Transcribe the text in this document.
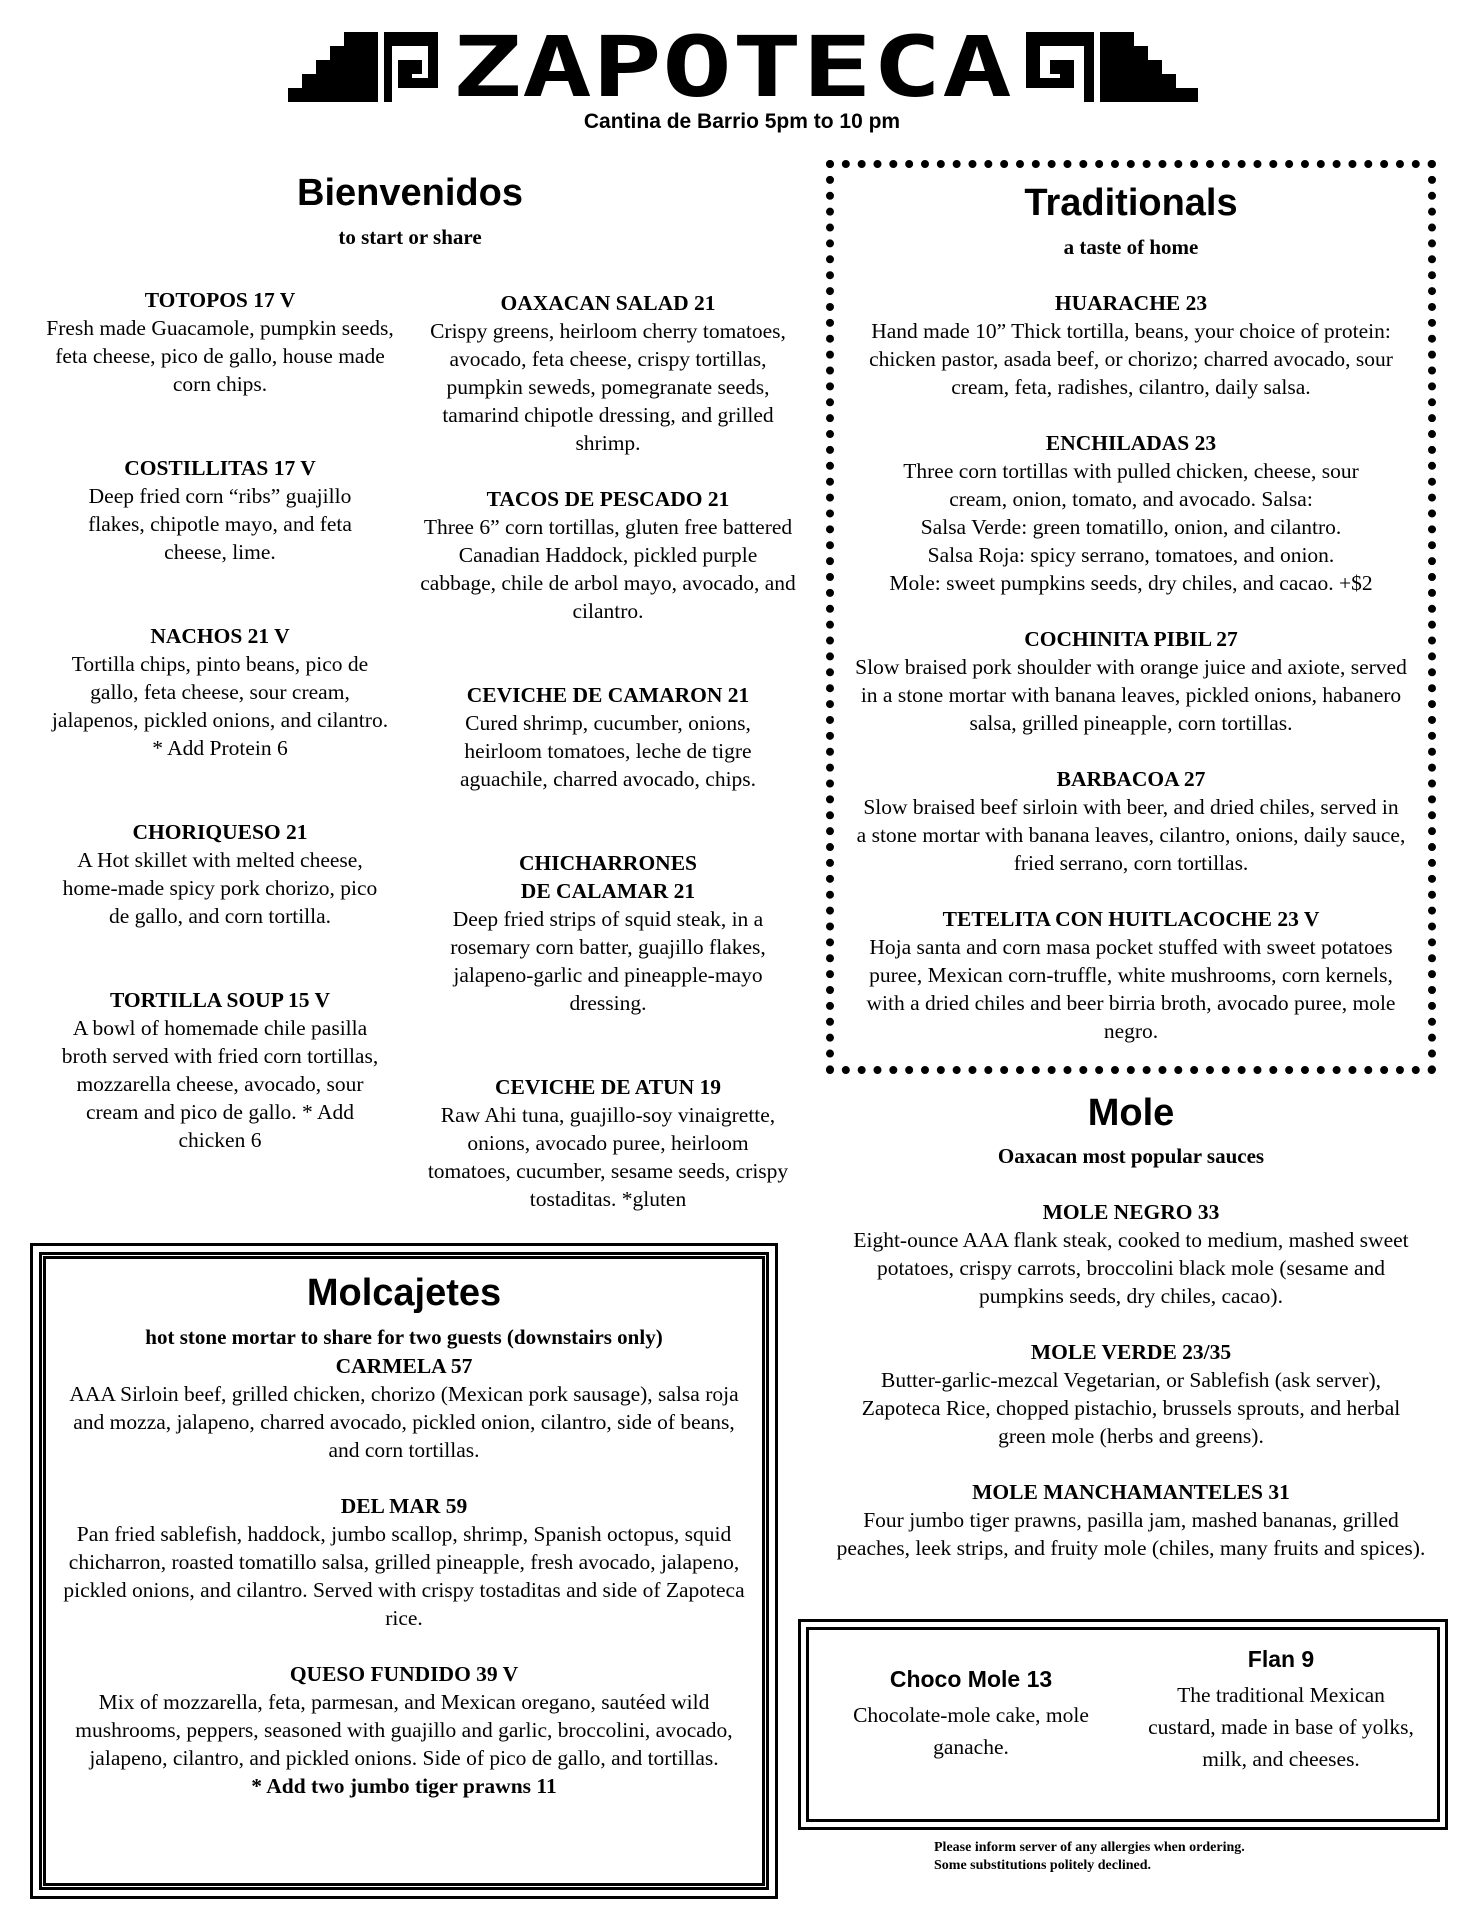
ZAPOTECA
Cantina de Barrio 5pm to 10 pm
Bienvenidos
to start or share
TOTOPOS 17 V
Fresh made Guacamole, pumpkin seeds, feta cheese, pico de gallo, house made corn chips.
COSTILLITAS 17 V
Deep fried corn “ribs” guajillo flakes, chipotle mayo, and feta cheese, lime.
NACHOS 21 V
Tortilla chips, pinto beans, pico de gallo, feta cheese, sour cream, jalapenos, pickled onions, and cilantro. * Add Protein 6
CHORIQUESO 21
A Hot skillet with melted cheese, home-made spicy pork chorizo, pico de gallo, and corn tortilla.
TORTILLA SOUP 15 V
A bowl of homemade chile pasilla broth served with fried corn tortillas, mozzarella cheese, avocado, sour cream and pico de gallo. * Add chicken 6
OAXACAN SALAD 21
Crispy greens, heirloom cherry tomatoes, avocado, feta cheese, crispy tortillas, pumpkin seweds, pomegranate seeds, tamarind chipotle dressing, and grilled shrimp.
TACOS DE PESCADO 21
Three 6” corn tortillas, gluten free battered Canadian Haddock, pickled purple cabbage, chile de arbol mayo, avocado, and cilantro.
CEVICHE DE CAMARON 21
Cured shrimp, cucumber, onions, heirloom tomatoes, leche de tigre aguachile, charred avocado, chips.
CHICHARRONES DE CALAMAR 21
Deep fried strips of squid steak, in a rosemary corn batter, guajillo flakes, jalapeno-garlic and pineapple-mayo dressing.
CEVICHE DE ATUN 19
Raw Ahi tuna, guajillo-soy vinaigrette, onions, avocado puree, heirloom tomatoes, cucumber, sesame seeds, crispy tostaditas. *gluten
Traditionals
a taste of home
HUARACHE 23
Hand made 10” Thick tortilla, beans, your choice of protein: chicken pastor, asada beef, or chorizo; charred avocado, sour cream, feta, radishes, cilantro, daily salsa.
ENCHILADAS 23
Three corn tortillas with pulled chicken, cheese, sour cream, onion, tomato, and avocado. Salsa:
Salsa Verde: green tomatillo, onion, and cilantro.
Salsa Roja: spicy serrano, tomatoes, and onion.
Mole: sweet pumpkins seeds, dry chiles, and cacao. +$2
COCHINITA PIBIL 27
Slow braised pork shoulder with orange juice and axiote, served in a stone mortar with banana leaves, pickled onions, habanero salsa, grilled pineapple, corn tortillas.
BARBACOA 27
Slow braised beef sirloin with beer, and dried chiles, served in a stone mortar with banana leaves, cilantro, onions, daily sauce, fried serrano, corn tortillas.
TETELITA CON HUITLACOCHE 23 V
Hoja santa and corn masa pocket stuffed with sweet potatoes puree, Mexican corn-truffle, white mushrooms, corn kernels, with a dried chiles and beer birria broth, avocado puree, mole negro.
Mole
Oaxacan most popular sauces
MOLE NEGRO 33
Eight-ounce AAA flank steak, cooked to medium, mashed sweet potatoes, crispy carrots, broccolini black mole (sesame and pumpkins seeds, dry chiles, cacao).
MOLE VERDE 23/35
Butter-garlic-mezcal Vegetarian, or Sablefish (ask server), Zapoteca Rice, chopped pistachio, brussels sprouts, and herbal green mole (herbs and greens).
MOLE MANCHAMANTELES 31
Four jumbo tiger prawns, pasilla jam, mashed bananas, grilled peaches, leek strips, and fruity mole (chiles, many fruits and spices).
Molcajetes
hot stone mortar to share for two guests (downstairs only)
CARMELA 57
AAA Sirloin beef, grilled chicken, chorizo (Mexican pork sausage), salsa roja and mozza, jalapeno, charred avocado, pickled onion, cilantro, side of beans, and corn tortillas.
DEL MAR 59
Pan fried sablefish, haddock, jumbo scallop, shrimp, Spanish octopus, squid chicharron, roasted tomatillo salsa, grilled pineapple, fresh avocado, jalapeno, pickled onions, and cilantro. Served with crispy tostaditas and side of Zapoteca rice.
QUESO FUNDIDO 39 V
Mix of mozzarella, feta, parmesan, and Mexican oregano, sautéed wild mushrooms, peppers, seasoned with guajillo and garlic, broccolini, avocado, jalapeno, cilantro, and pickled onions. Side of pico de gallo, and tortillas.
* Add two jumbo tiger prawns 11
Choco Mole 13
Chocolate-mole cake, mole ganache.
Flan 9
The traditional Mexican custard, made in base of yolks, milk, and cheeses.
Please inform server of any allergies when ordering. Some substitutions politely declined.
